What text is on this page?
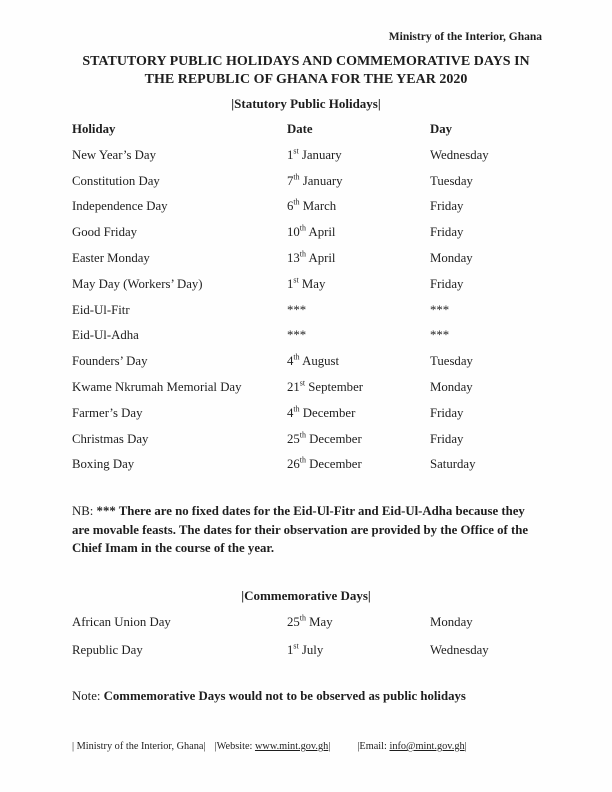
Ministry of the Interior, Ghana
STATUTORY PUBLIC HOLIDAYS AND COMMEMORATIVE DAYS IN
THE REPUBLIC OF GHANA FOR THE YEAR 2020
|Statutory Public Holidays|
Holiday	Date	Day
New Year’s Day	1st January	Wednesday
Constitution Day	7th January	Tuesday
Independence Day	6th March	Friday
Good Friday	10th April	Friday
Easter Monday	13th April	Monday
May Day (Workers’ Day)	1st May	Friday
Eid-Ul-Fitr	***	***
Eid-Ul-Adha	***	***
Founders’ Day	4th August	Tuesday
Kwame Nkrumah Memorial Day	21st September	Monday
Farmer’s Day	4th December	Friday
Christmas Day	25th December	Friday
Boxing Day	26th December	Saturday
NB: *** There are no fixed dates for the Eid-Ul-Fitr and Eid-Ul-Adha because they are movable feasts. The dates for their observation are provided by the Office of the Chief Imam in the course of the year.
|Commemorative Days|
African Union Day	25th May	Monday
Republic Day	1st July	Wednesday
Note: Commemorative Days would not to be observed as public holidays
| Ministry of the Interior, Ghana| |Website: www.mint.gov.gh|	|Email: info@mint.gov.gh|
